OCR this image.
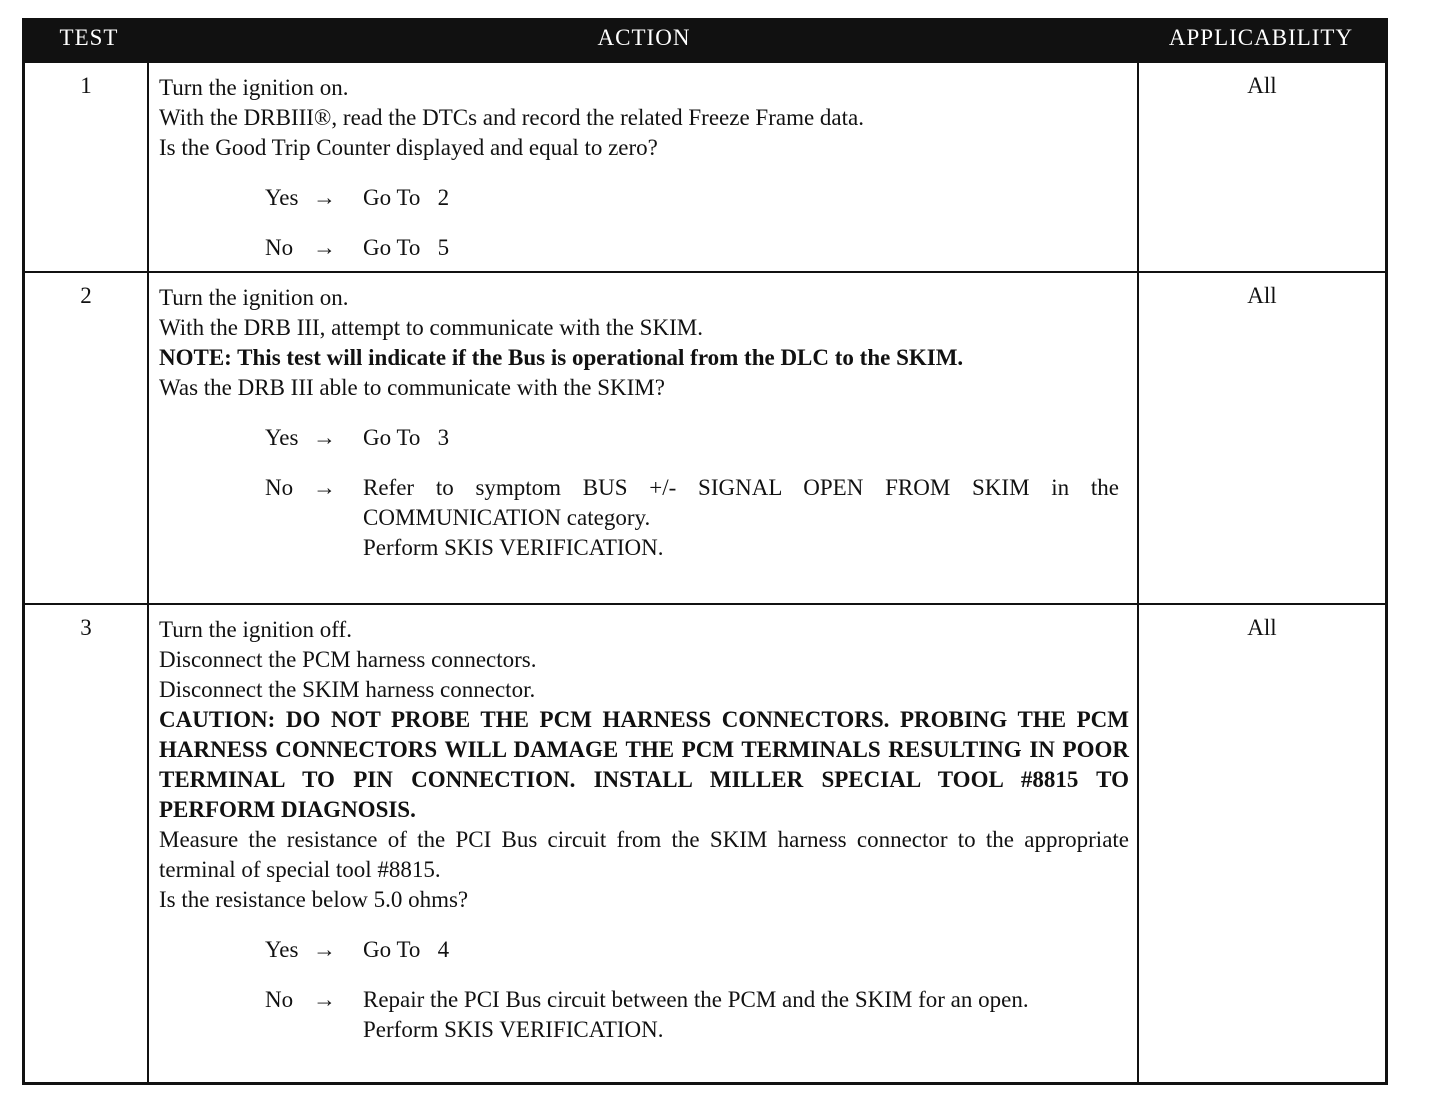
TEST	ACTION	APPLICABILITY
1	Turn the ignition on.
With the DRBIII®, read the DTCs and record the related Freeze Frame data.
Is the Good Trip Counter displayed and equal to zero?
Yes →	Go To   2
No →	Go To   5
All
2	Turn the ignition on.
With the DRB III, attempt to communicate with the SKIM.
NOTE: This test will indicate if the Bus is operational from the DLC to the SKIM.
Was the DRB III able to communicate with the SKIM?
Yes →	Go To   3
No →	Refer to symptom BUS +/- SIGNAL OPEN FROM SKIM in the COMMUNICATION category.
Perform SKIS VERIFICATION.
All
3	Turn the ignition off.
Disconnect the PCM harness connectors.
Disconnect the SKIM harness connector.
CAUTION: DO NOT PROBE THE PCM HARNESS CONNECTORS. PROBING THE PCM HARNESS CONNECTORS WILL DAMAGE THE PCM TERMINALS RESULTING IN POOR TERMINAL TO PIN CONNECTION. INSTALL MILLER SPECIAL TOOL #8815 TO PERFORM DIAGNOSIS.
Measure the resistance of the PCI Bus circuit from the SKIM harness connector to the appropriate terminal of special tool #8815.
Is the resistance below 5.0 ohms?
Yes →	Go To   4
No →	Repair the PCI Bus circuit between the PCM and the SKIM for an open.
Perform SKIS VERIFICATION.
All
